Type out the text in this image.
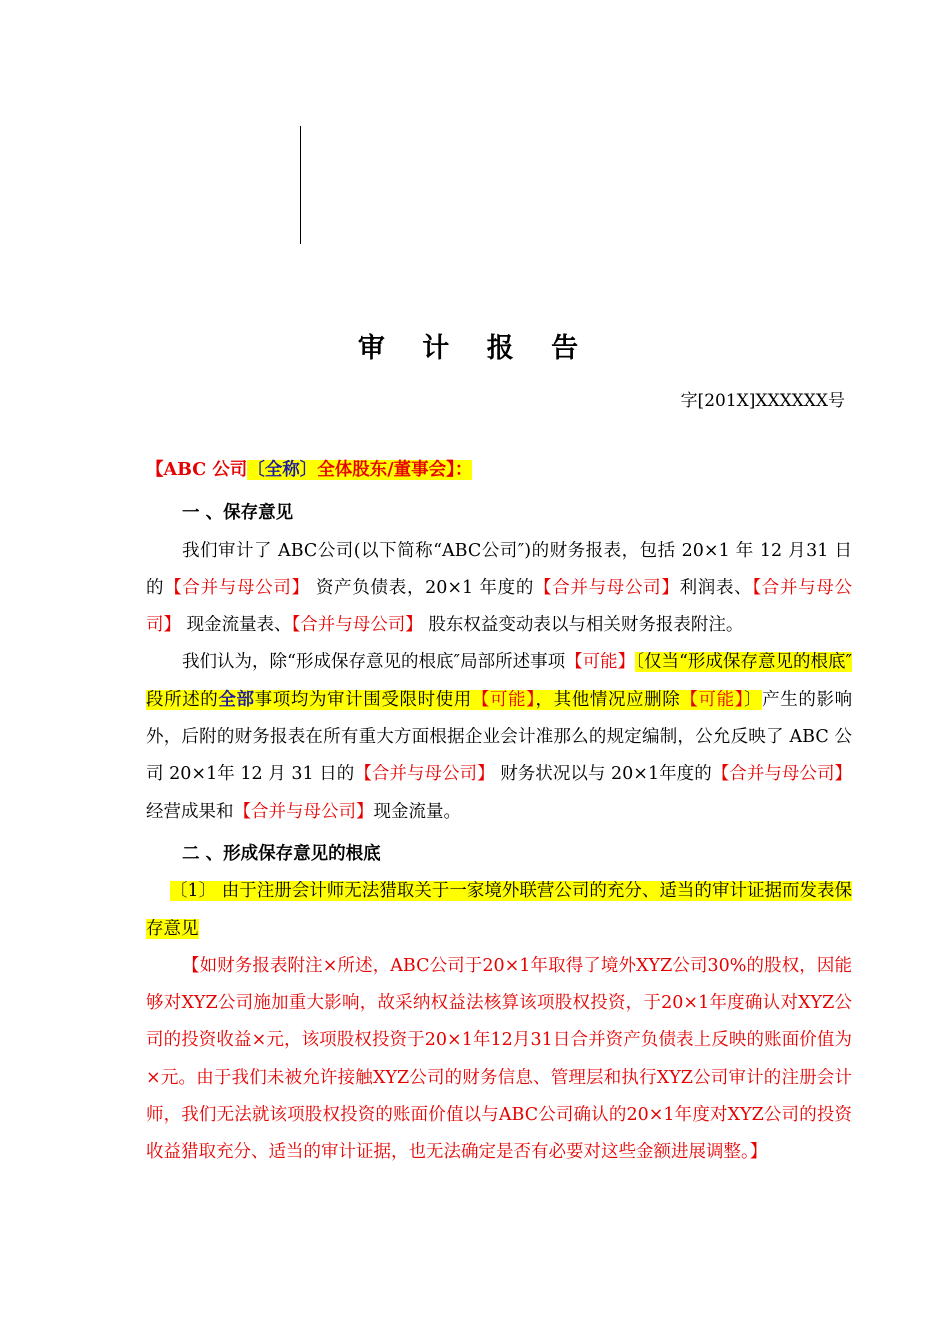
审 计 报 告
字[201X]XXXXXX号

【ABC 公司〔全称〕全体股东/董事会】：

一 、保存意见

我们审计了 ABC公司(以下简称“ABC公司″)的财务报表，包括 20×1 年 12 月31 日的【合并与母公司】 资产负债表，20×1 年度的【合并与母公司】利润表、【合并与母公司】 现金流量表、【合并与母公司】 股东权益变动表以与相关财务报表附注。

我们认为，除“形成保存意见的根底″局部所述事项【可能】〔仅当“形成保存意见的根底″段所述的全部事项均为审计围受限时使用【可能】，其他情况应删除【可能】〕产生的影响外，后附的财务报表在所有重大方面根据企业会计准那么的规定编制，公允反映了 ABC 公司 20×1年 12 月 31 日的【合并与母公司】 财务状况以与 20×1年度的【合并与母公司】 经营成果和【合并与母公司】现金流量。

二 、形成保存意见的根底

〔1〕 由于注册会计师无法猎取关于一家境外联营公司的充分、适当的审计证据而发表保存意见

【如财务报表附注×所述，ABC公司于20×1年取得了境外XYZ公司30%的股权，因能够对XYZ公司施加重大影响，故采纳权益法核算该项股权投资，于20×1年度确认对XYZ公司的投资收益×元，该项股权投资于20×1年12月31日合并资产负债表上反映的账面价值为×元。由于我们未被允许接触XYZ公司的财务信息、管理层和执行XYZ公司审计的注册会计师，我们无法就该项股权投资的账面价值以与ABC公司确认的20×1年度对XYZ公司的投资收益猎取充分、适当的审计证据，也无法确定是否有必要对这些金额进展调整。】
